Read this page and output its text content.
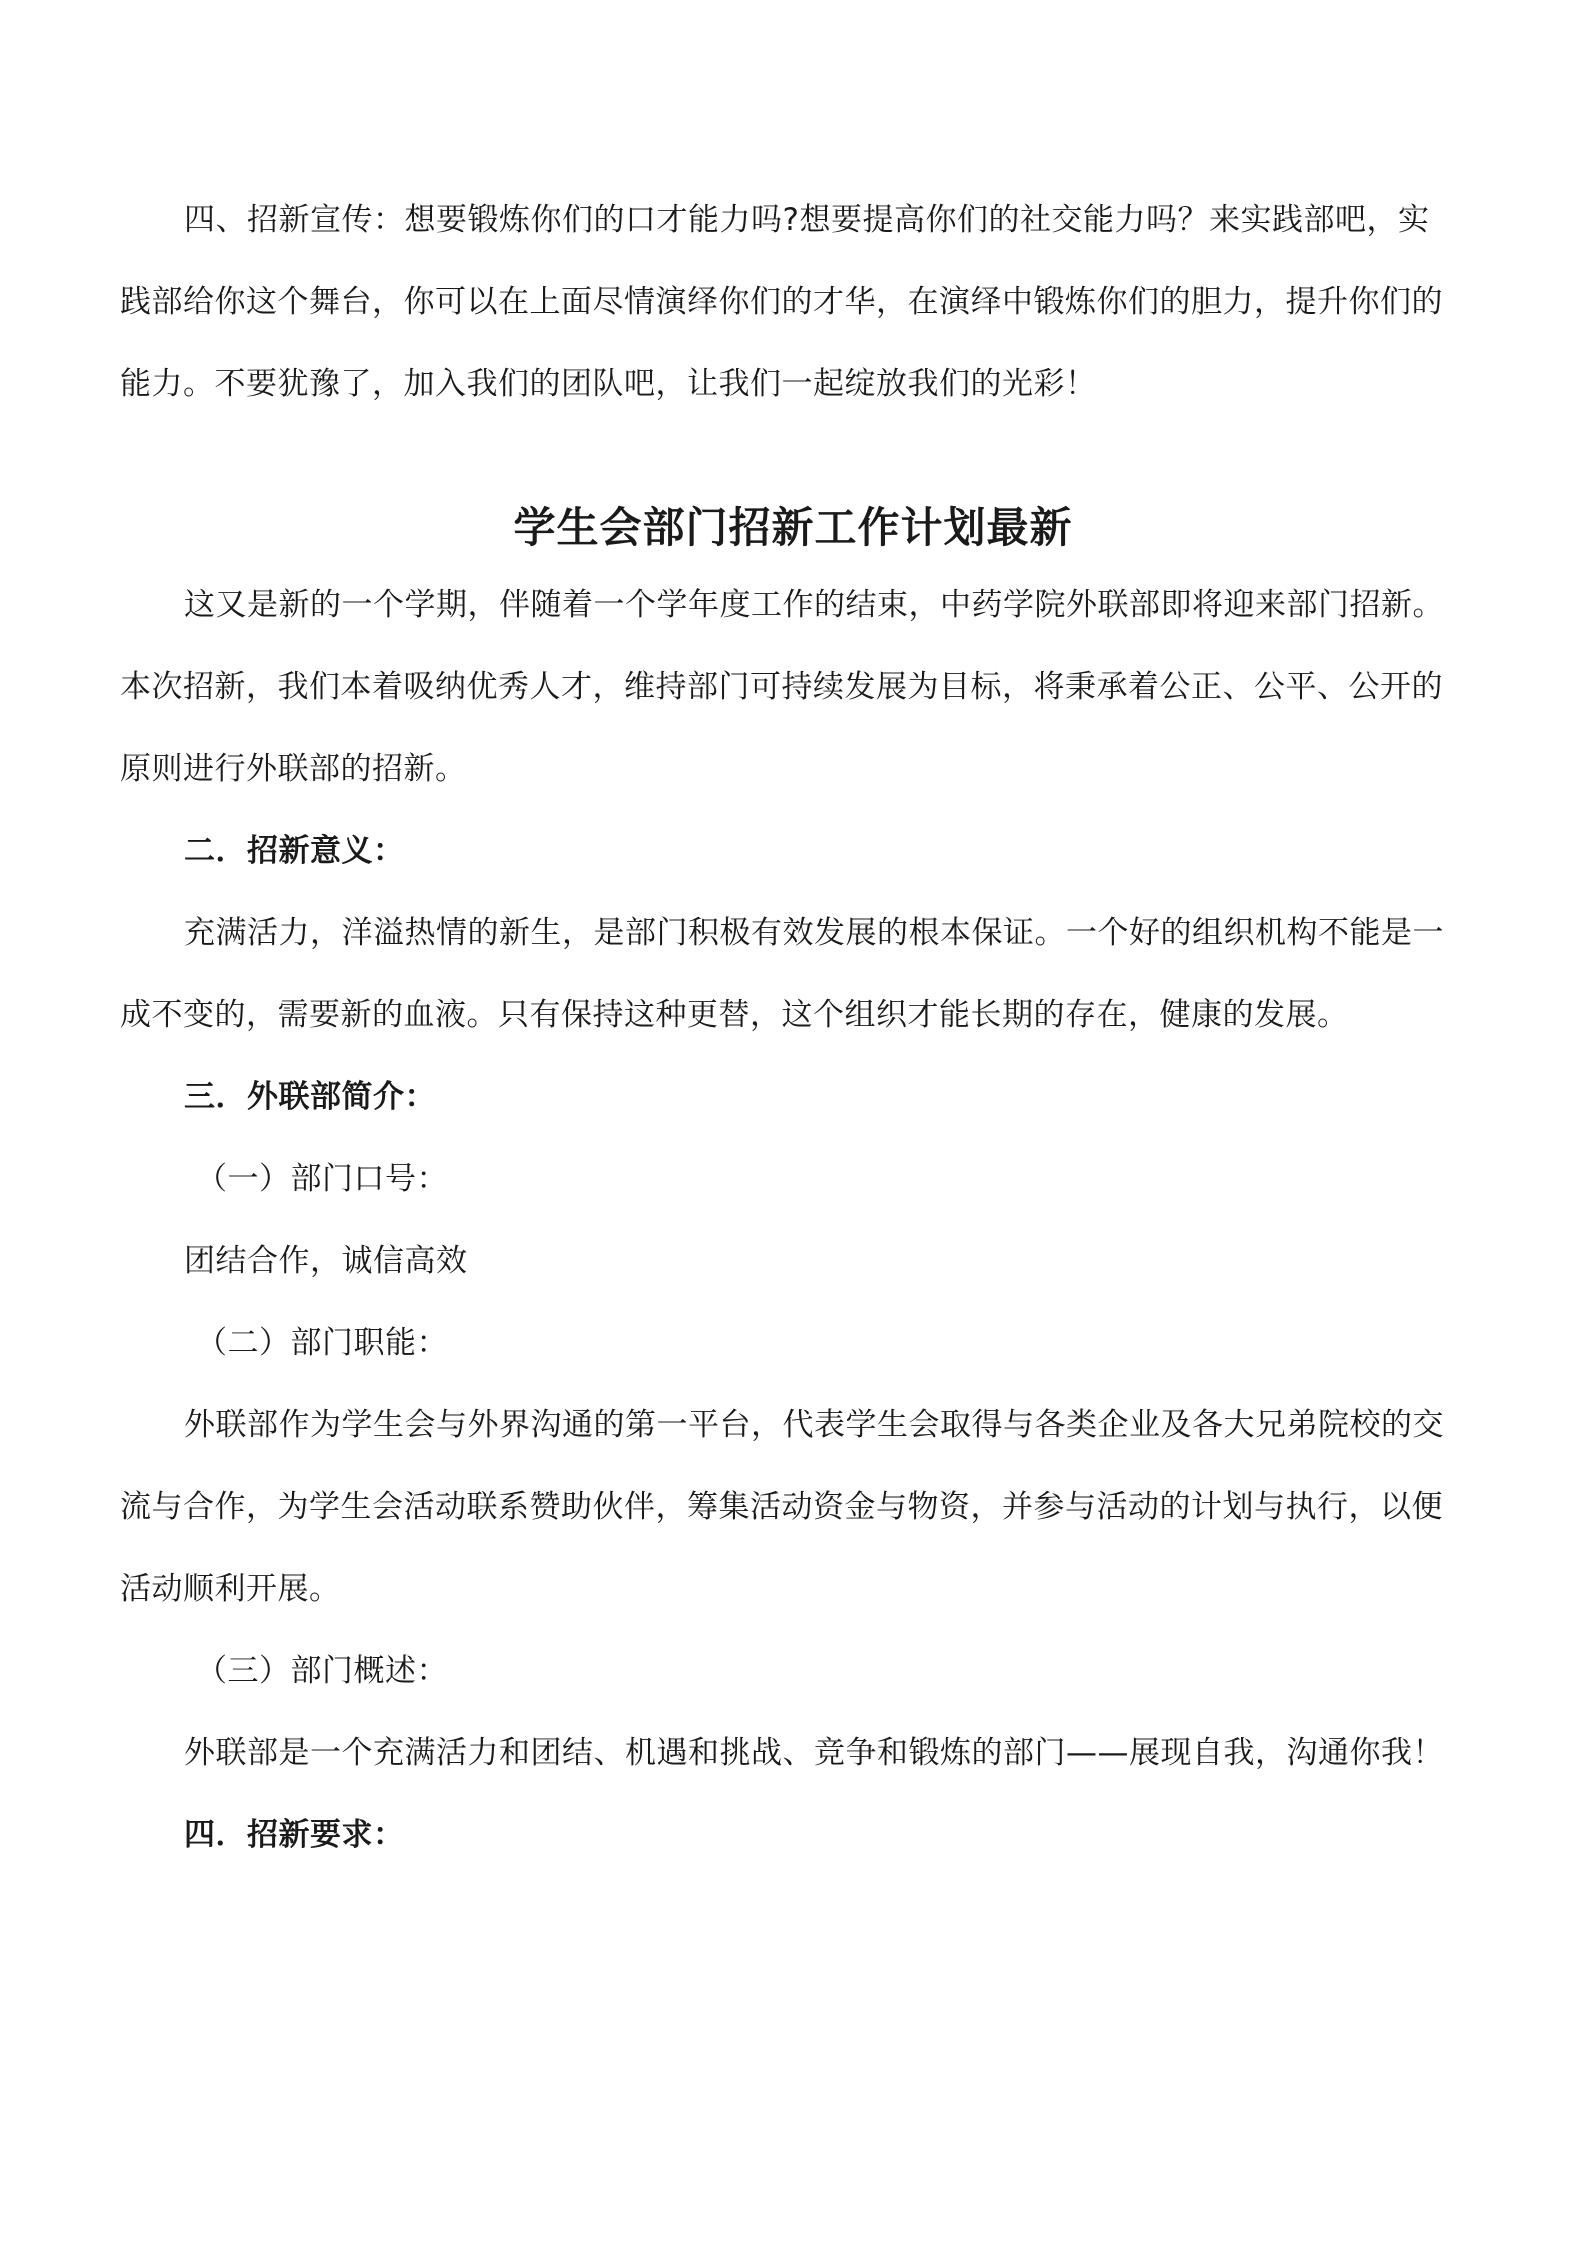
四、招新宣传：想要锻炼你们的口才能力吗?想要提高你们的社交能力吗？来实践部吧，实
践部给你这个舞台，你可以在上面尽情演绎你们的才华，在演绎中锻炼你们的胆力，提升你们的
能力。不要犹豫了，加入我们的团队吧，让我们一起绽放我们的光彩！
学生会部门招新工作计划最新
这又是新的一个学期，伴随着一个学年度工作的结束，中药学院外联部即将迎来部门招新。
本次招新，我们本着吸纳优秀人才，维持部门可持续发展为目标，将秉承着公正、公平、公开的
原则进行外联部的招新。
二．招新意义：
充满活力，洋溢热情的新生，是部门积极有效发展的根本保证。一个好的组织机构不能是一
成不变的，需要新的血液。只有保持这种更替，这个组织才能长期的存在，健康的发展。
三．外联部简介：
（一）部门口号：
团结合作，诚信高效
（二）部门职能：
外联部作为学生会与外界沟通的第一平台，代表学生会取得与各类企业及各大兄弟院校的交
流与合作，为学生会活动联系赞助伙伴，筹集活动资金与物资，并参与活动的计划与执行，以便
活动顺利开展。
（三）部门概述：
外联部是一个充满活力和团结、机遇和挑战、竞争和锻炼的部门——展现自我，沟通你我！
四．招新要求：
